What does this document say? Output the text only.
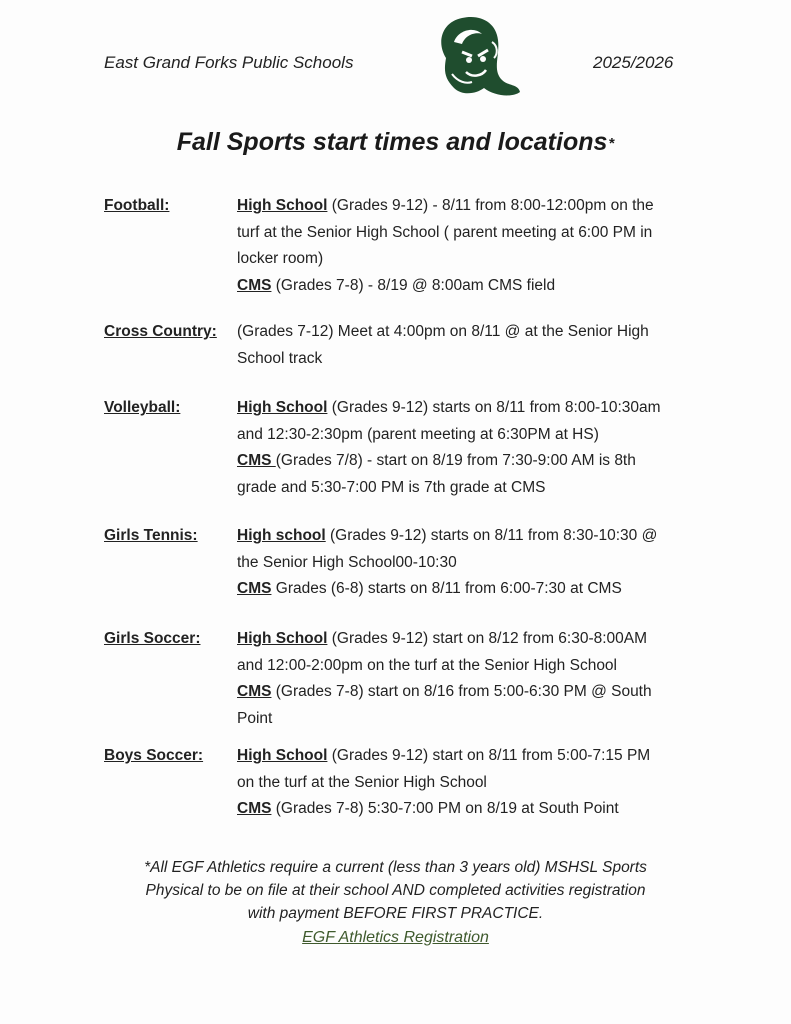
East Grand Forks Public Schools	2025/2026
Fall Sports start times and locations*
Football:	High School (Grades 9-12) - 8/11 from 8:00-12:00pm on the
turf at the Senior High School ( parent meeting at 6:00 PM in
locker room)
CMS (Grades 7-8) - 8/19 @ 8:00am CMS field
Cross Country: (Grades 7-12) Meet at 4:00pm on 8/11 @ at the Senior High
School track
Volleyball:	High School (Grades 9-12) starts on 8/11 from 8:00-10:30am
and 12:30-2:30pm (parent meeting at 6:30PM at HS)
CMS (Grades 7/8) - start on 8/19 from 7:30-9:00 AM is 8th
grade and 5:30-7:00 PM is 7th grade at CMS
Girls Tennis:	High school (Grades 9-12) starts on 8/11 from 8:30-10:30 @
the Senior High School00-10:30
CMS Grades (6-8) starts on 8/11 from 6:00-7:30 at CMS
Girls Soccer: High School (Grades 9-12) start on 8/12 from 6:30-8:00AM
and 12:00-2:00pm on the turf at the Senior High School
CMS (Grades 7-8) start on 8/16 from 5:00-6:30 PM @ South
Point
Boys Soccer: High School (Grades 9-12) start on 8/11 from 5:00-7:15 PM
on the turf at the Senior High School
CMS (Grades 7-8) 5:30-7:00 PM on 8/19 at South Point
*All EGF Athletics require a current (less than 3 years old) MSHSL Sports
Physical to be on file at their school AND completed activities registration
with payment BEFORE FIRST PRACTICE.
EGF Athletics Registration
